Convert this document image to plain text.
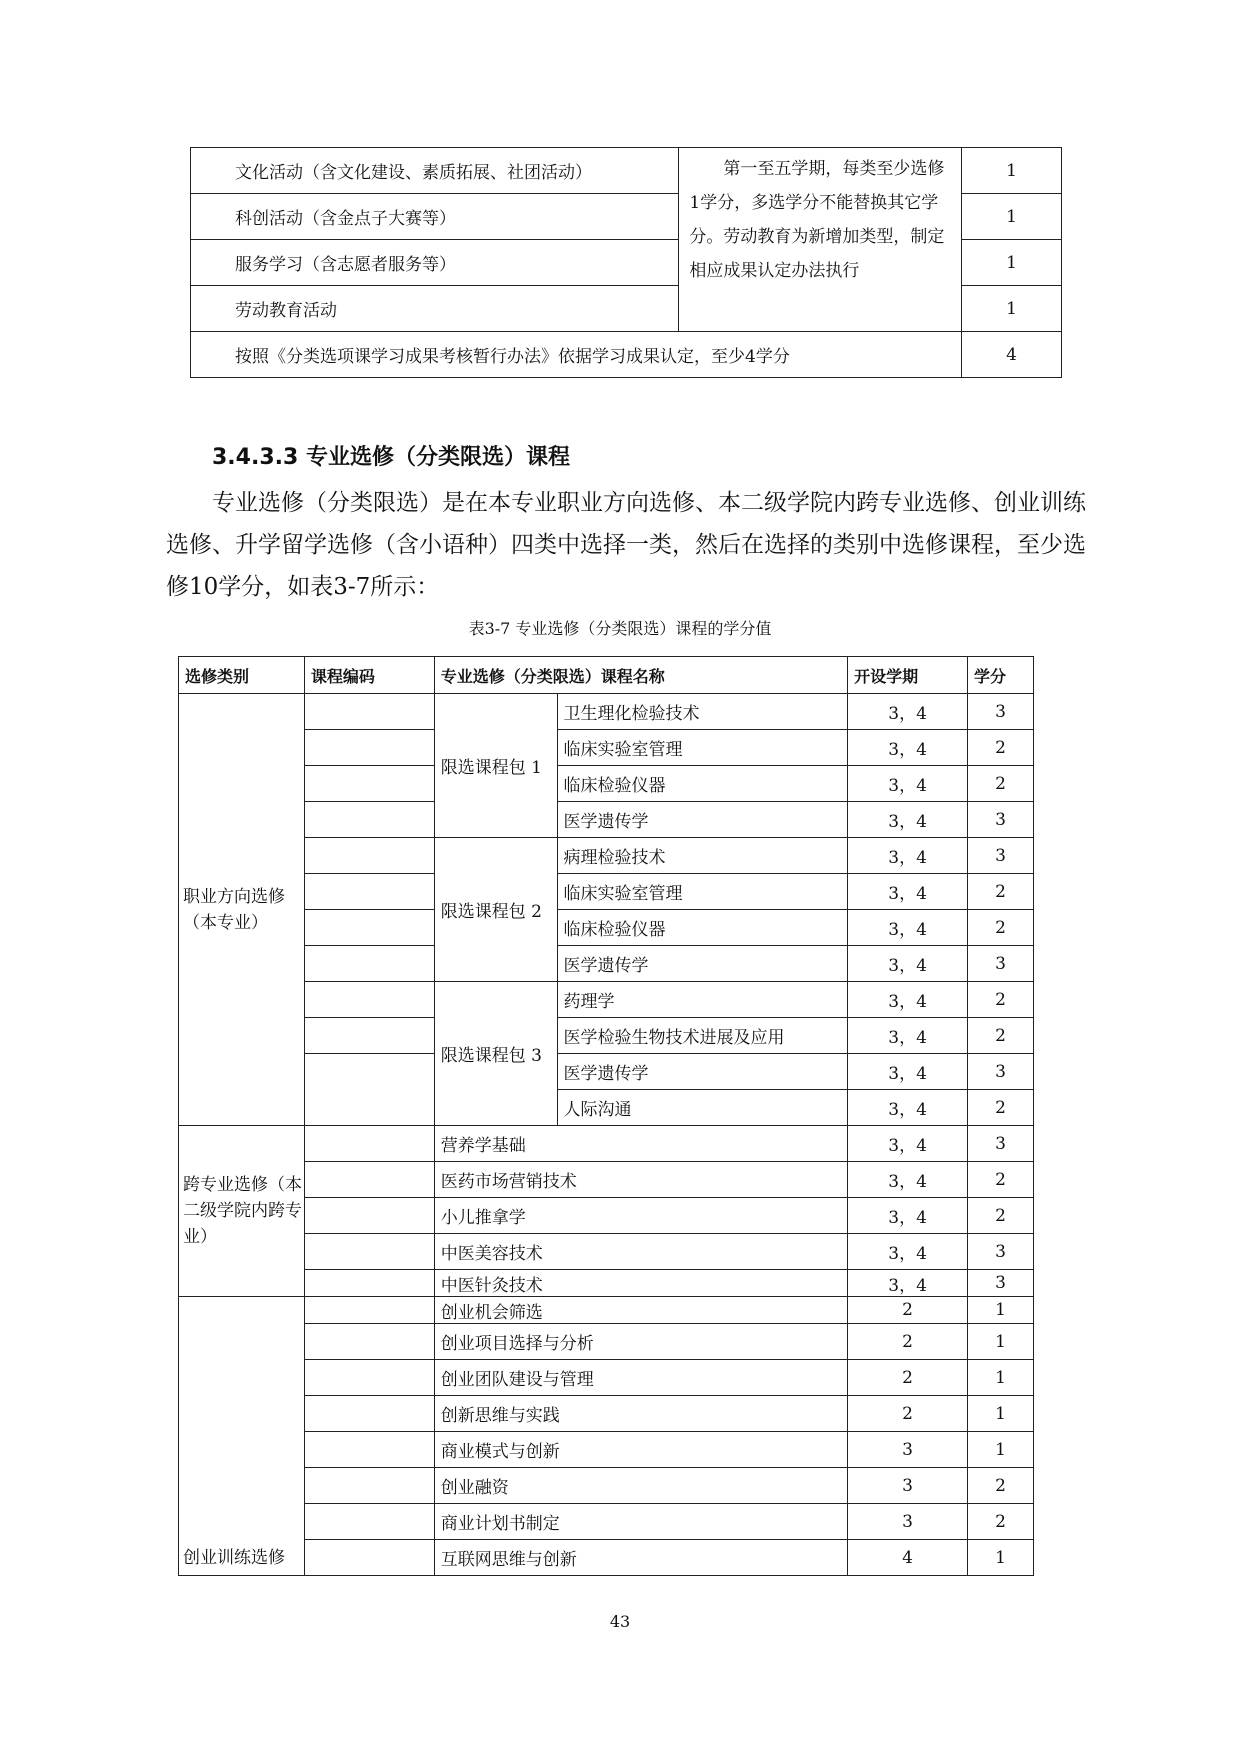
文化活动（含文化建设、素质拓展、社团活动）	第一至五学期，每类至少选修1学分，多选学分不能替换其它学分。劳动教育为新增加类型，制定相应成果认定办法执行	1
科创活动（含金点子大赛等）		1
服务学习（含志愿者服务等）		1
劳动教育活动		1
按照《分类选项课学习成果考核暂行办法》依据学习成果认定，至少4学分		4
3.4.3.3 专业选修（分类限选）课程

专业选修（分类限选）是在本专业职业方向选修、本二级学院内跨专业选修、创业训练选修、升学留学选修（含小语种）四类中选择一类，然后在选择的类别中选修课程，至少选修10学分，如表3-7所示：

表3-7 专业选修（分类限选）课程的学分值

选修类别	课程编码	专业选修（分类限选）课程名称		开设学期	学分
职业方向选修（本专业）		限选课程包 1	卫生理化检验技术	3，4	3
			临床实验室管理	3，4	2
			临床检验仪器	3，4	2
			医学遗传学	3，4	3
		限选课程包 2	病理检验技术	3，4	3
			临床实验室管理	3，4	2
			临床检验仪器	3，4	2
			医学遗传学	3，4	3
		限选课程包 3	药理学	3，4	2
			医学检验生物技术进展及应用	3，4	2
			医学遗传学	3，4	3
			人际沟通	3，4	2
跨专业选修（本二级学院内跨专业）		营养学基础		3，4	3
		医药市场营销技术		3，4	2
		小儿推拿学		3，4	2
		中医美容技术		3，4	3
		中医针灸技术		3，4	3
创业训练选修		创业机会筛选		2	1
		创业项目选择与分析		2	1
		创业团队建设与管理		2	1
		创新思维与实践		2	1
		商业模式与创新		3	1
		创业融资		3	2
		商业计划书制定		3	2
		互联网思维与创新		4	1

43
